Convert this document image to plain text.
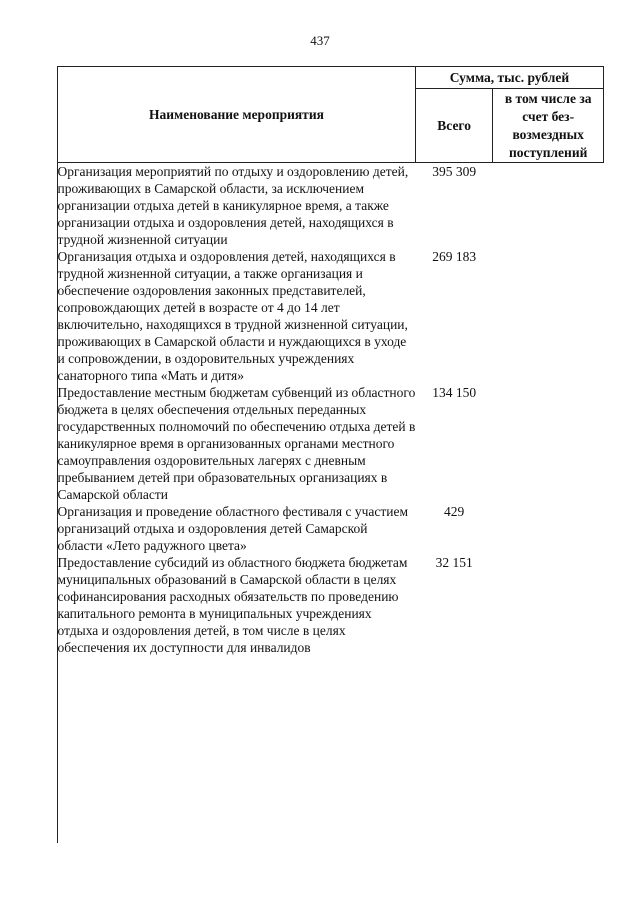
437
Наименование мероприятия	Сумма, тыс. рублей	
	Всего	в том числе за счет без-возмездных поступлений
Организация мероприятий по отдыху и оздоровлению детей, проживающих в Самарской области, за исключением организации отдыха детей в каникулярное время, а также организации отдыха и оздоровления детей, находящихся в трудной жизненной ситуации	395 309	
Организация отдыха и оздоровления детей, находящихся в трудной жизненной ситуации, а также организация и обеспечение оздоровления законных представителей, сопровождающих детей в возрасте от 4 до 14 лет включительно, находящихся в трудной жизненной ситуации, проживающих в Самарской области и нуждающихся в уходе и сопровождении, в оздоровительных учреждениях санаторного типа «Мать и дитя»	269 183	
Предоставление местным бюджетам субвенций из областного бюджета в целях обеспечения отдельных переданных государственных полномочий по обеспечению отдыха детей в каникулярное время в организованных органами местного самоуправления оздоровительных лагерях с дневным пребыванием детей при образовательных организациях в Самарской области	134 150	
Организация и проведение областного фестиваля с участием организаций отдыха и оздоровления детей Самарской области «Лето радужного цвета»	429	
Предоставление субсидий из областного бюджета бюджетам муниципальных образований в Самарской области в целях софинансирования расходных обязательств по проведению капитального ремонта в муниципальных учреждениях отдыха и оздоровления детей, в том числе в целях обеспечения их доступности для инвалидов	32 151	
